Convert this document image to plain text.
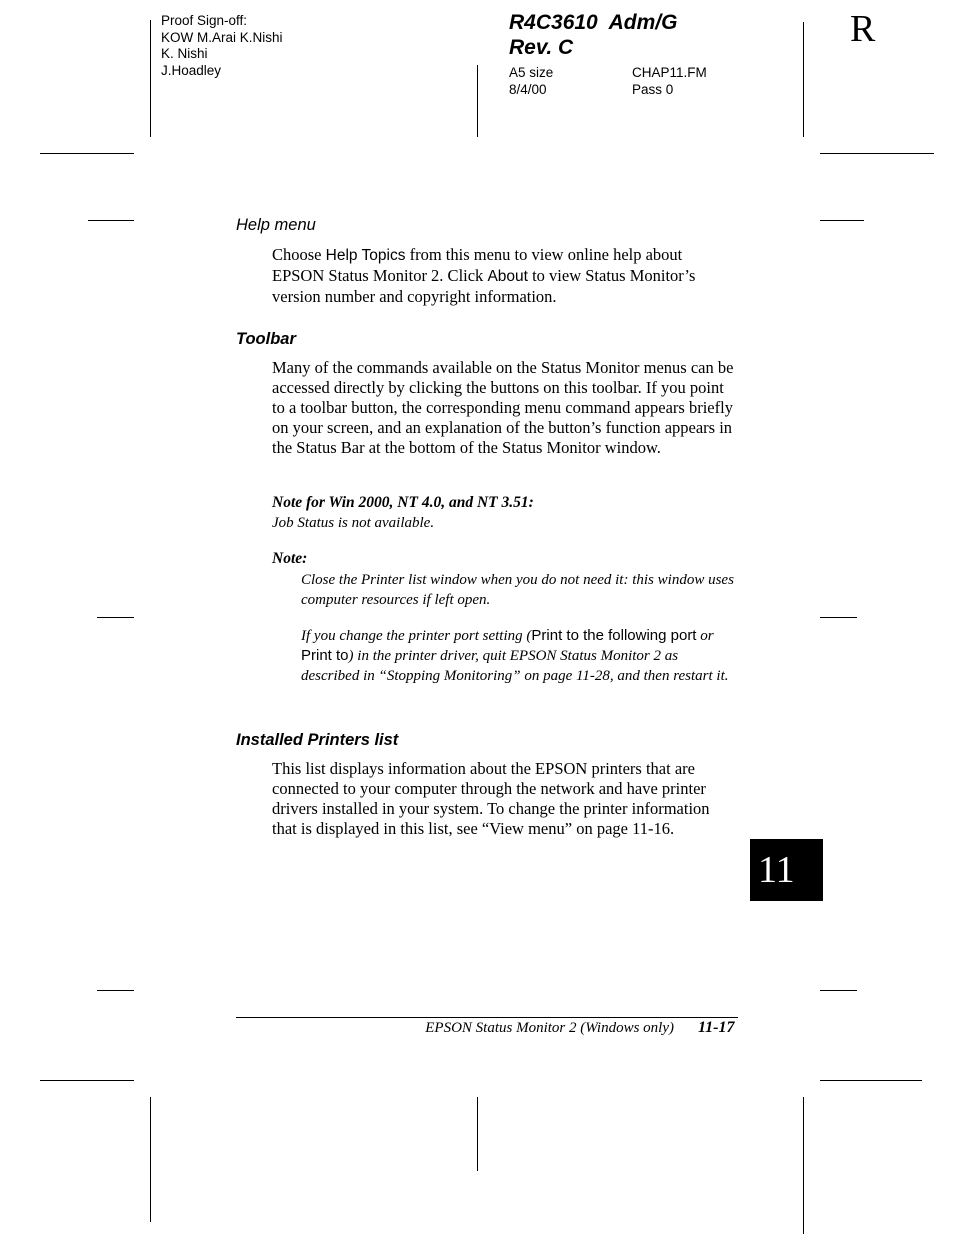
Proof Sign-off:
KOW M.Arai K.Nishi
K. Nishi
J.Hoadley
R4C3610  Adm/G
Rev. C
A5 size	CHAP11.FM
8/4/00	Pass 0
R
Help menu
Choose Help Topics from this menu to view online help about EPSON Status Monitor 2. Click About to view Status Monitor’s version number and copyright information.
Toolbar
Many of the commands available on the Status Monitor menus can be accessed directly by clicking the buttons on this toolbar. If you point to a toolbar button, the corresponding menu command appears briefly on your screen, and an explanation of the button’s function appears in the Status Bar at the bottom of the Status Monitor window.
Note for Win 2000, NT 4.0, and NT 3.51:
Job Status is not available.
Note:
Close the Printer list window when you do not need it: this window uses computer resources if left open.
If you change the printer port setting (Print to the following port or Print to) in the printer driver, quit EPSON Status Monitor 2 as described in “Stopping Monitoring” on page 11-28, and then restart it.
Installed Printers list
This list displays information about the EPSON printers that are connected to your computer through the network and have printer drivers installed in your system. To change the printer information that is displayed in this list, see “View menu” on page 11-16.
11
EPSON Status Monitor 2 (Windows only) 11-17
